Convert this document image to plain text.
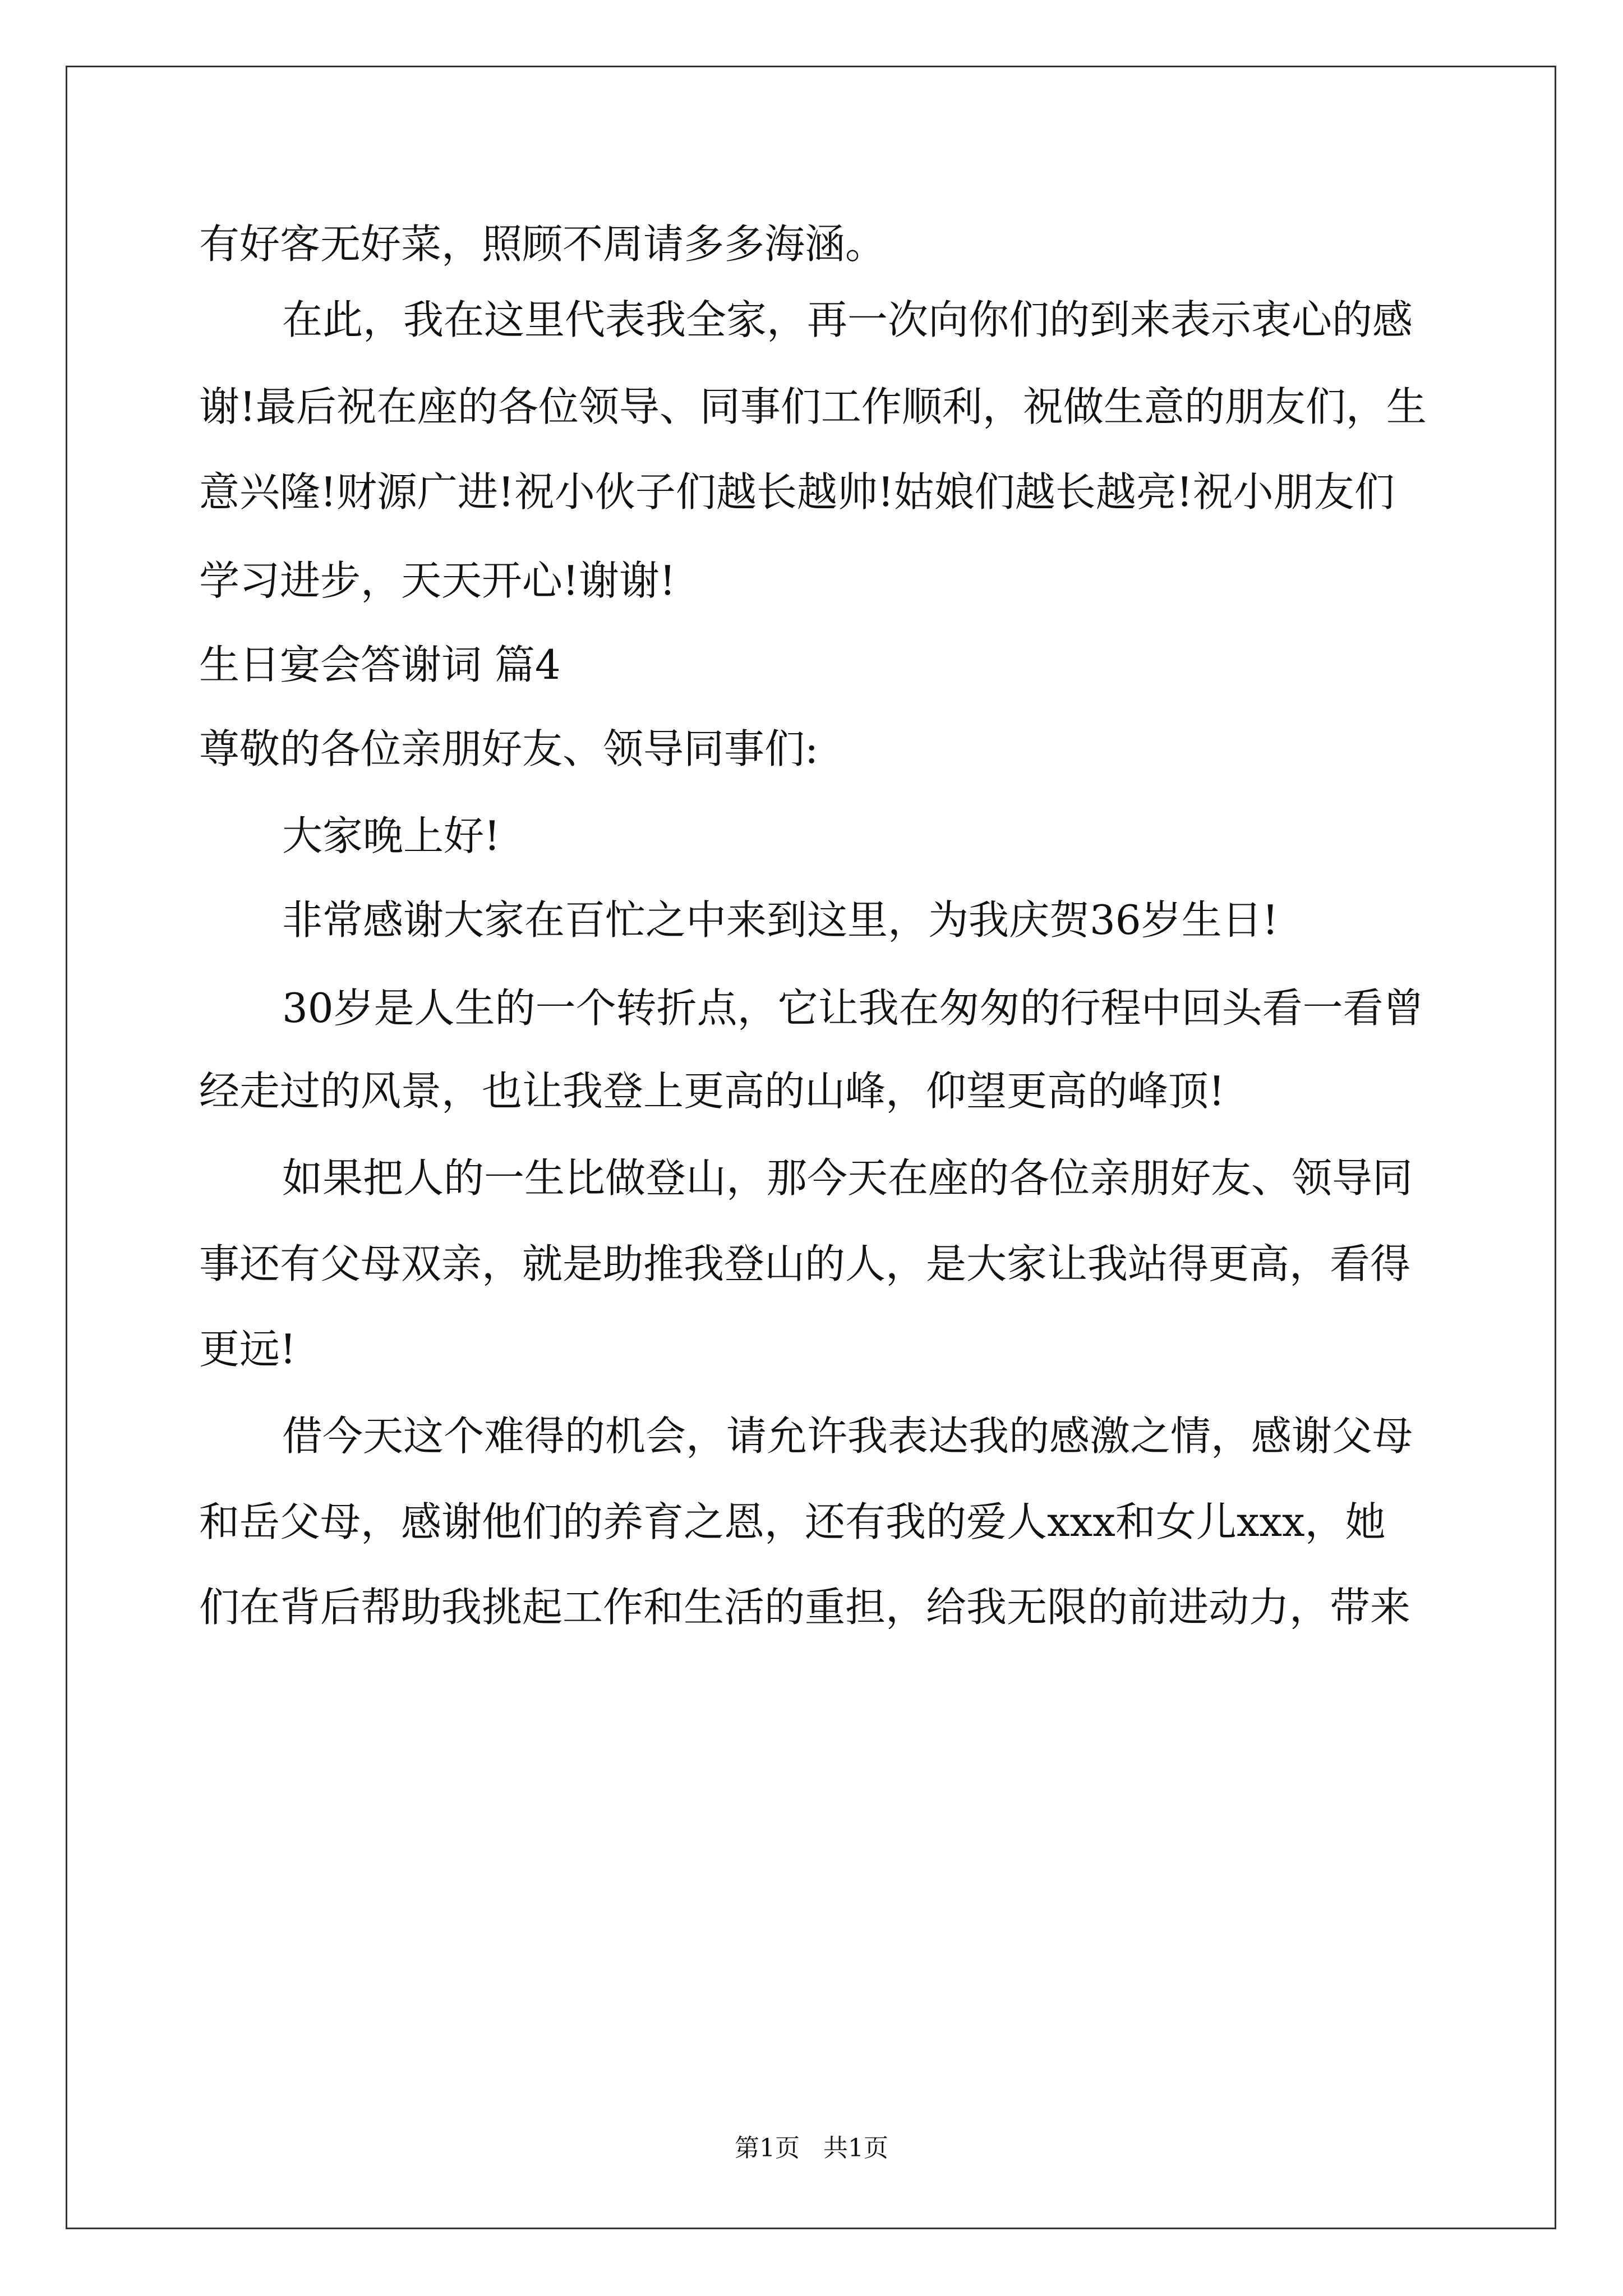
有好客无好菜，照顾不周请多多海涵。
在此，我在这里代表我全家，再一次向你们的到来表示衷心的感
谢!最后祝在座的各位领导、同事们工作顺利，祝做生意的朋友们，生
意兴隆!财源广进!祝小伙子们越长越帅!姑娘们越长越亮!祝小朋友们
学习进步，天天开心!谢谢!
生日宴会答谢词 篇4
尊敬的各位亲朋好友、领导同事们:
大家晚上好!
非常感谢大家在百忙之中来到这里，为我庆贺36岁生日!
30岁是人生的一个转折点，它让我在匆匆的行程中回头看一看曾
经走过的风景，也让我登上更高的山峰，仰望更高的峰顶!
如果把人的一生比做登山，那今天在座的各位亲朋好友、领导同
事还有父母双亲，就是助推我登山的人，是大家让我站得更高，看得
更远!
借今天这个难得的机会，请允许我表达我的感激之情，感谢父母
和岳父母，感谢他们的养育之恩，还有我的爱人xxx和女儿xxx，她
们在背后帮助我挑起工作和生活的重担，给我无限的前进动力，带来
第1页 共1页
